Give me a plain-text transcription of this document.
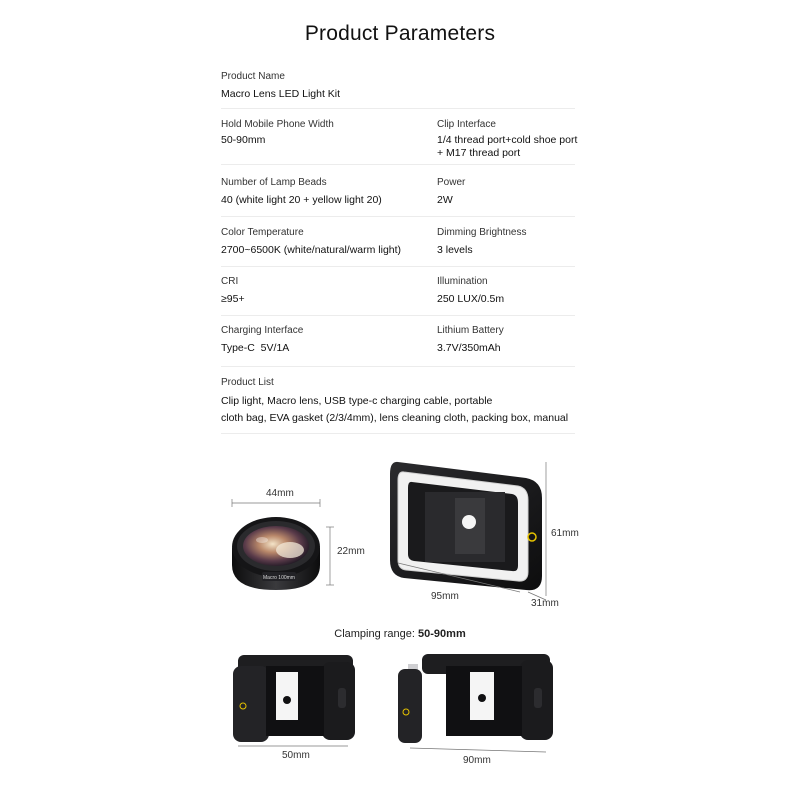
Product Parameters
Product Name
Macro Lens LED Light Kit
Hold Mobile Phone Width
50-90mm
Clip Interface
1/4 thread port+cold shoe port
+ M17 thread port
Number of Lamp Beads
40 (white light 20 + yellow light 20)
Power
2W
Color Temperature
2700~6500K (white/natural/warm light)
Dimming Brightness
3 levels
CRI
≥95+
Illumination
250 LUX/0.5m
Charging Interface
Type-C  5V/1A
Lithium Battery
3.7V/350mAh
Product List
Clip light, Macro lens, USB type-c charging cable, portable
cloth bag, EVA gasket (2/3/4mm), lens cleaning cloth, packing box, manual
Macro 100mm
44mm
22mm
61mm
95mm
31mm
Clamping range: 50-90mm
50mm	90mm
